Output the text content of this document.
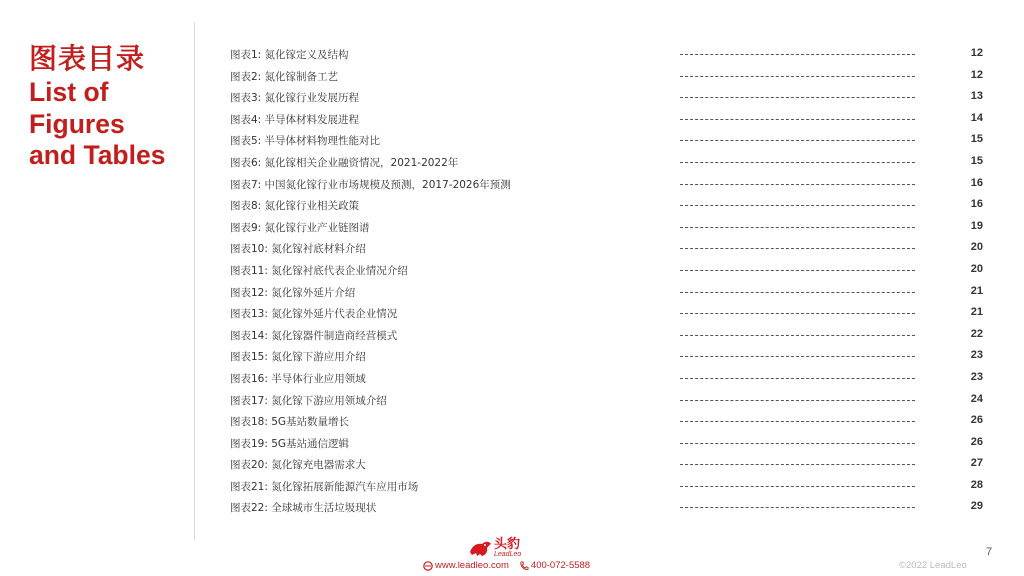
图表目录
List of
Figures
and Tables
图表1: 氮化镓定义及结构	12
图表2: 氮化镓制备工艺	12
图表3: 氮化镓行业发展历程	13
图表4: 半导体材料发展进程	14
图表5: 半导体材料物理性能对比	15
图表6: 氮化镓相关企业融资情况，2021-2022年	15
图表7: 中国氮化镓行业市场规模及预测，2017-2026年预测	16
图表8: 氮化镓行业相关政策	16
图表9: 氮化镓行业产业链图谱	19
图表10: 氮化镓衬底材料介绍	20
图表11: 氮化镓衬底代表企业情况介绍	20
图表12: 氮化镓外延片介绍	21
图表13: 氮化镓外延片代表企业情况	21
图表14: 氮化镓器件制造商经营模式	22
图表15: 氮化镓下游应用介绍	23
图表16: 半导体行业应用领域	23
图表17: 氮化镓下游应用领域介绍	24
图表18: 5G基站数量增长	26
图表19: 5G基站通信逻辑	26
图表20: 氮化镓充电器需求大	27
图表21: 氮化镓拓展新能源汽车应用市场	28
图表22: 全球城市生活垃圾现状	29
头豹
LeadLeo
www.leadleo.com 400-072-5588
7
©2022 LeadLeo
